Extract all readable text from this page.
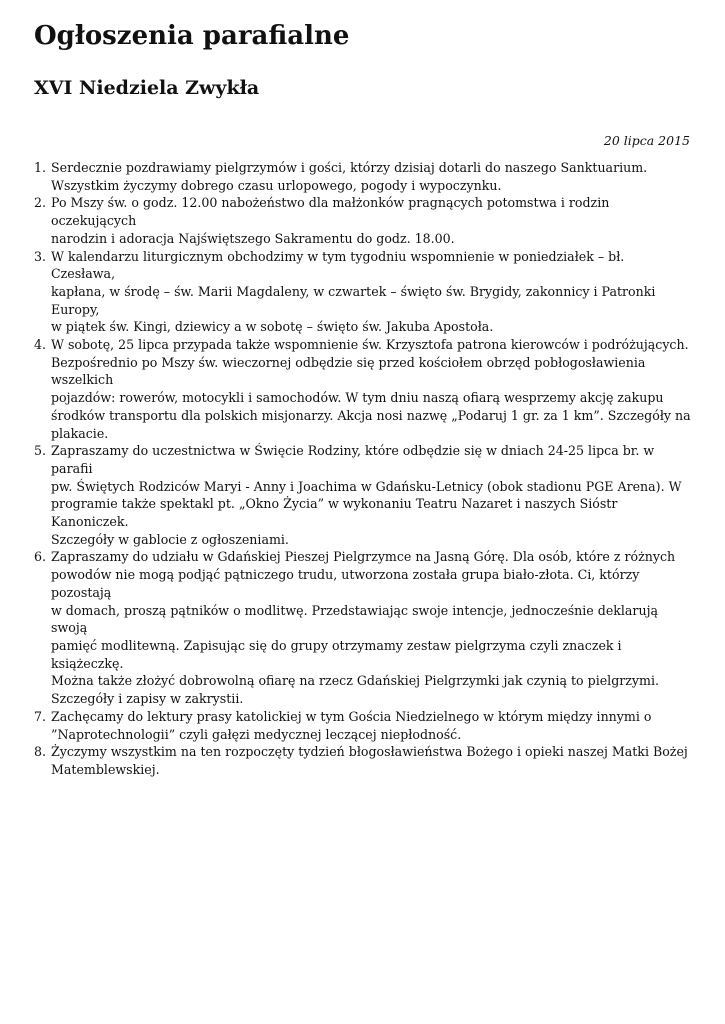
Ogłoszenia parafialne
XVI Niedziela Zwykła
20 lipca 2015
1. Serdecznie pozdrawiamy pielgrzymów i gości, którzy dzisiaj dotarli do naszego Sanktuarium.
Wszystkim życzymy dobrego czasu urlopowego, pogody i wypoczynku.
2. Po Mszy św. o godz. 12.00 nabożeństwo dla małżonków pragnących potomstwa i rodzin oczekujących
narodzin i adoracja Najświętszego Sakramentu do godz. 18.00.
3. W kalendarzu liturgicznym obchodzimy w tym tygodniu wspomnienie w poniedziałek – bł. Czesława,
kapłana, w środę – św. Marii Magdaleny, w czwartek – święto św. Brygidy, zakonnicy i Patronki Europy,
w piątek św. Kingi, dziewicy a w sobotę – święto św. Jakuba Apostoła.
4. W sobotę, 25 lipca przypada także wspomnienie św. Krzysztofa patrona kierowców i podróżujących.
Bezpośrednio po Mszy św. wieczornej odbędzie się przed kościołem obrzęd pobłogosławienia wszelkich
pojazdów: rowerów, motocykli i samochodów. W tym dniu naszą ofiarą wesprzemy akcję zakupu
środków transportu dla polskich misjonarzy. Akcja nosi nazwę „Podaruj 1 gr. za 1 km”. Szczegóły na
plakacie.
5. Zapraszamy do uczestnictwa w Święcie Rodziny, które odbędzie się w dniach 24-25 lipca br. w parafii
pw. Świętych Rodziców Maryi - Anny i Joachima w Gdańsku-Letnicy (obok stadionu PGE Arena). W
programie także spektakl pt. „Okno Życia” w wykonaniu Teatru Nazaret i naszych Sióstr Kanoniczek.
Szczegóły w gablocie z ogłoszeniami.
6. Zapraszamy do udziału w Gdańskiej Pieszej Pielgrzymce na Jasną Górę. Dla osób, które z różnych
powodów nie mogą podjąć pątniczego trudu, utworzona została grupa biało-złota. Ci, którzy pozostają
w domach, proszą pątników o modlitwę. Przedstawiając swoje intencje, jednocześnie deklarują swoją
pamięć modlitewną. Zapisując się do grupy otrzymamy zestaw pielgrzyma czyli znaczek i książeczkę.
Można także złożyć dobrowolną ofiarę na rzecz Gdańskiej Pielgrzymki jak czynią to pielgrzymi.
Szczegóły i zapisy w zakrystii.
7. Zachęcamy do lektury prasy katolickiej w tym Gościa Niedzielnego w którym między innymi o
”Naprotechnologii” czyli gałęzi medycznej leczącej niepłodność.
8. Życzymy wszystkim na ten rozpoczęty tydzień błogosławieństwa Bożego i opieki naszej Matki Bożej
Matemblewskiej.
